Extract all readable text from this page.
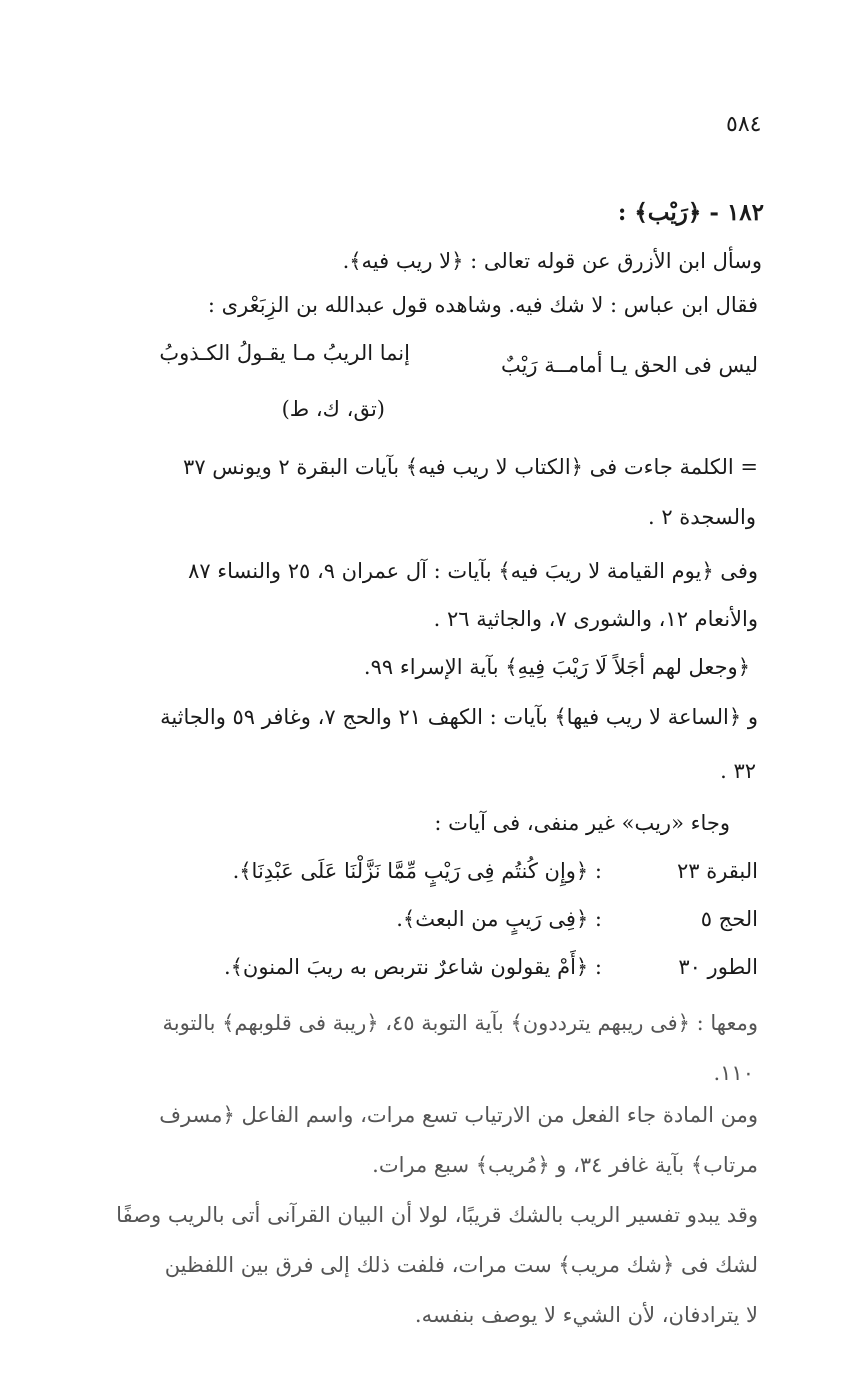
٥٨٤
١٨٢ - ﴿رَيْب﴾ :
وسأل ابن الأزرق عن قوله تعالى : ﴿لا ريب فيه﴾.
فقال ابن عباس : لا شك فيه. وشاهده قول عبدالله بن الزِبَعْرى :
ليس فى الحق يـا أمامــة رَيْبٌ
إنما الريبُ مـا يقـولُ الكـذوبُ
(تق، ك، ط)
= الكلمة جاءت فى ﴿الكتاب لا ريب فيه﴾ بآيات البقرة ٢ ويونس ٣٧
والسجدة ٢ .
وفى ﴿يوم القيامة لا ريبَ فيه﴾ بآيات : آل عمران ٩، ٢٥ والنساء ٨٧
والأنعام ١٢، والشورى ٧، والجاثية ٢٦ .
﴿وجعل لهم أجَلاً لَا رَيْبَ فِيهِ﴾ بآية الإسراء ٩٩.
و ﴿الساعة لا ريب فيها﴾ بآيات : الكهف ٢١ والحج ٧، وغافر ٥٩ والجاثية
٣٢ .
وجاء «ريب» غير منفى، فى آيات :
البقرة ٢٣
: ﴿وإِن كُنتُم فِى رَيْبٍ مِّمَّا نَزَّلْنَا عَلَى عَبْدِنَا﴾.
الحج ٥
: ﴿فِى رَيبٍ من البعث﴾.
الطور ٣٠
: ﴿أَمْ يقولون شاعرٌ نتربص به ريبَ المنون﴾.
ومعها : ﴿فى ريبهم يترددون﴾ بآية التوبة ٤٥، ﴿ريبة فى قلوبهم﴾ بالتوبة
١١٠.
ومن المادة جاء الفعل من الارتياب تسع مرات، واسم الفاعل ﴿مسرف
مرتاب﴾ بآية غافر ٣٤، و ﴿مُريب﴾ سبع مرات.
وقد يبدو تفسير الريب بالشك قريبًا، لولا أن البيان القرآنى أتى بالريب وصفًا
لشك فى ﴿شك مريب﴾ ست مرات، فلفت ذلك إلى فرق بين اللفظين
لا يترادفان، لأن الشيء لا يوصف بنفسه.
